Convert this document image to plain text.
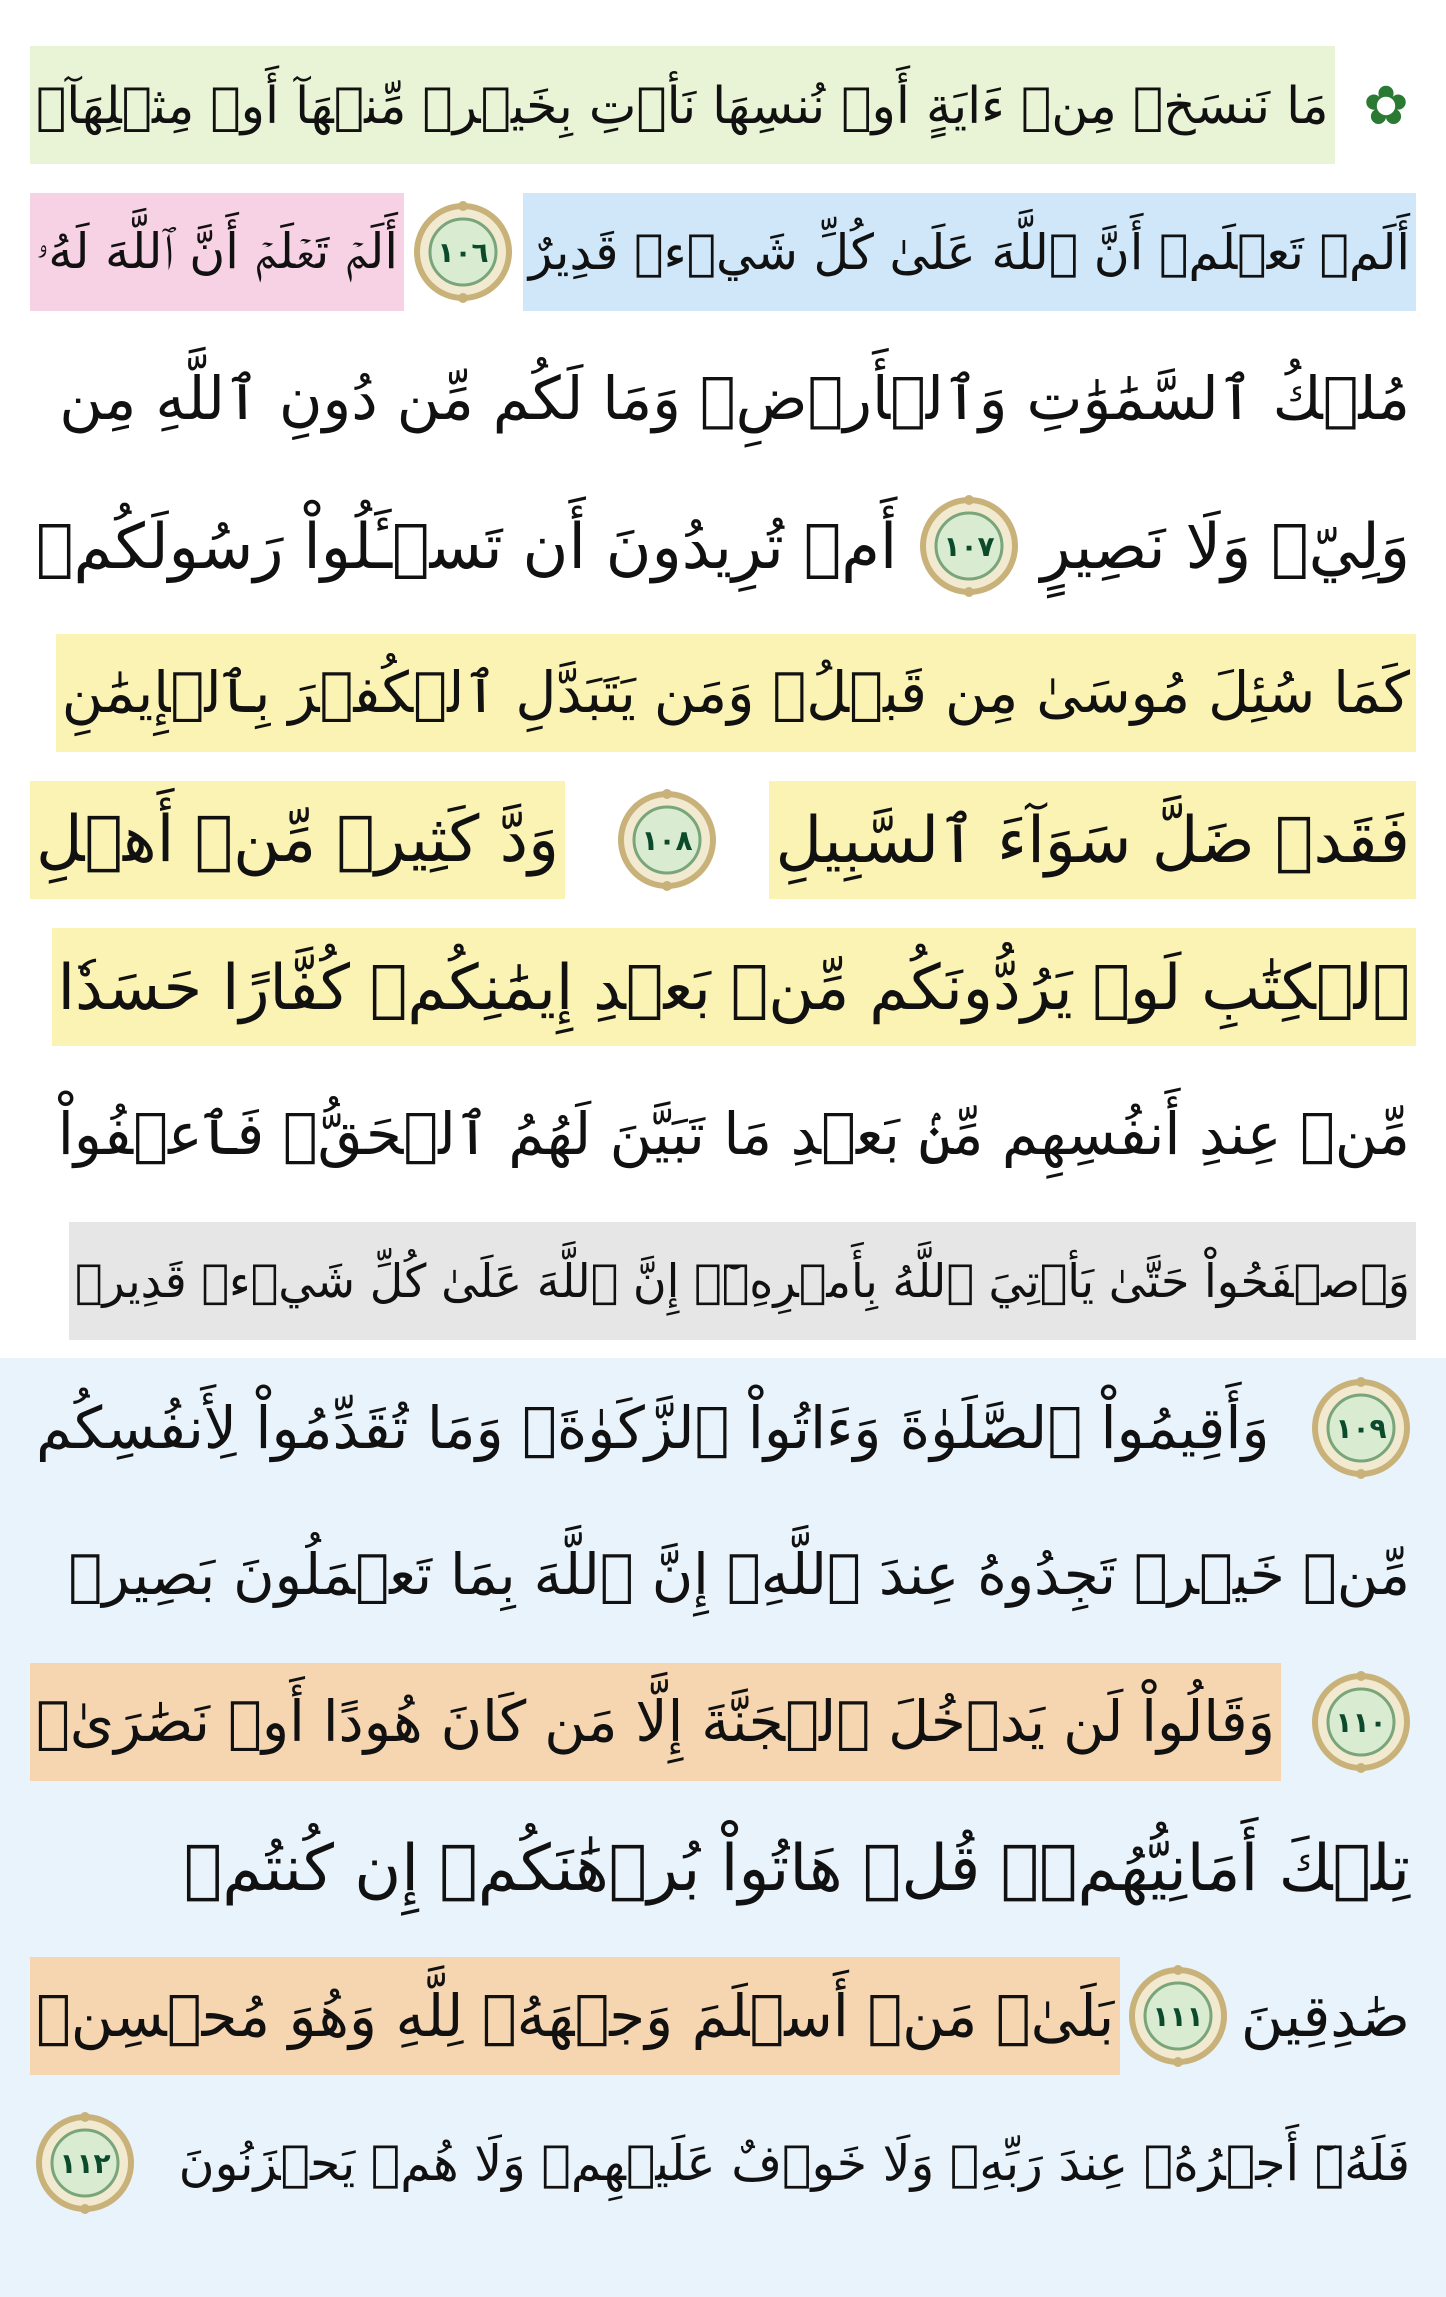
✿
مَا نَنسَخۡ مِنۡ ءَايَةٍ أَوۡ نُنسِهَا نَأۡتِ بِخَيۡرٖ مِّنۡهَآ أَوۡ مِثۡلِهَآۗ
أَلَمۡ تَعۡلَمۡ أَنَّ ٱللَّهَ عَلَىٰ كُلِّ شَيۡءٖ قَدِيرٌ
١٠٦
أَلَمۡ تَعۡلَمۡ أَنَّ ٱللَّهَ لَهُۥ
مُلۡكُ ٱلسَّمَٰوَٰتِ وَٱلۡأَرۡضِۗ وَمَا لَكُم مِّن دُونِ ٱللَّهِ مِن
وَلِيّٖ وَلَا نَصِيرٍ
١٠٧
أَمۡ تُرِيدُونَ أَن تَسۡـَٔلُواْ رَسُولَكُمۡ
كَمَا سُئِلَ مُوسَىٰ مِن قَبۡلُۗ وَمَن يَتَبَدَّلِ ٱلۡكُفۡرَ بِٱلۡإِيمَٰنِ
فَقَدۡ ضَلَّ سَوَآءَ ٱلسَّبِيلِ
١٠٨
وَدَّ كَثِيرٞ مِّنۡ أَهۡلِ
ٱلۡكِتَٰبِ لَوۡ يَرُدُّونَكُم مِّنۢ بَعۡدِ إِيمَٰنِكُمۡ كُفَّارًا حَسَدٗا
مِّنۡ عِندِ أَنفُسِهِم مِّنۢ بَعۡدِ مَا تَبَيَّنَ لَهُمُ ٱلۡحَقُّۖ فَٱعۡفُواْ
وَٱصۡفَحُواْ حَتَّىٰ يَأۡتِيَ ٱللَّهُ بِأَمۡرِهِۦٓۗ إِنَّ ٱللَّهَ عَلَىٰ كُلِّ شَيۡءٖ قَدِيرٞ
١٠٩
وَأَقِيمُواْ ٱلصَّلَوٰةَ وَءَاتُواْ ٱلزَّكَوٰةَۚ وَمَا تُقَدِّمُواْ لِأَنفُسِكُم
مِّنۡ خَيۡرٖ تَجِدُوهُ عِندَ ٱللَّهِۗ إِنَّ ٱللَّهَ بِمَا تَعۡمَلُونَ بَصِيرٞ
١١٠
وَقَالُواْ لَن يَدۡخُلَ ٱلۡجَنَّةَ إِلَّا مَن كَانَ هُودًا أَوۡ نَصَٰرَىٰۗ
تِلۡكَ أَمَانِيُّهُمۡۗ قُلۡ هَاتُواْ بُرۡهَٰنَكُمۡ إِن كُنتُمۡ
صَٰدِقِينَ
١١١
بَلَىٰۚ مَنۡ أَسۡلَمَ وَجۡهَهُۥ لِلَّهِ وَهُوَ مُحۡسِنٞ
فَلَهُۥٓ أَجۡرُهُۥ عِندَ رَبِّهِۦ وَلَا خَوۡفٌ عَلَيۡهِمۡ وَلَا هُمۡ يَحۡزَنُونَ
١١٢
